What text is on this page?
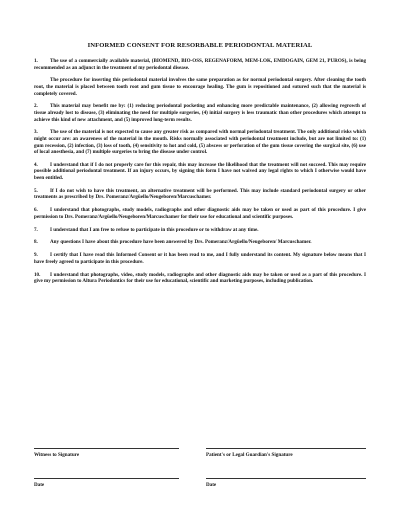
INFORMED CONSENT FOR RESORBABLE PERIODONTAL MATERIAL
1. The use of a commercially available material, (BIOMEND, BIO-OSS, REGENAFORM, MEM-LOK, EMDOGAIN, GEM 21, PUROS), is being recommended as an adjunct in the treatment of my periodontal disease.
The procedure for inserting this periodontal material involves the same preparation as for normal periodontal surgery. After cleaning the tooth root, the material is placed between tooth root and gum tissue to encourage healing. The gum is repositioned and sutured such that the material is completely covered.
2. This material may benefit me by: (1) reducing periodontal pocketing and enhancing more predictable maintenance, (2) allowing regrowth of tissue already lost to disease, (3) eliminating the need for multiple surgeries, (4) initial surgery is less traumatic than other procedures which attempt to achieve this kind of new attachment, and (5) improved long-term results.
3. The use of the material is not expected to cause any greater risk as compared with normal periodontal treatment. The only additional risks which might occur are: an awareness of the material in the mouth. Risks normally associated with periodontal treatment include, but are not limited to: (1) gum recession, (2) infection, (3) loss of tooth, (4) sensitivity to hot and cold, (5) abscess or perforation of the gum tissue covering the surgical site, (6) use of local anesthesia, and (7) multiple surgeries to bring the disease under control.
4. I understand that if I do not properly care for this repair, this may increase the likelihood that the treatment will not succeed. This may require possible additional periodontal treatment. If an injury occurs, by signing this form I have not waived any legal rights to which I otherwise would have been entitled.
5. If I do not wish to have this treatment, an alternative treatment will be performed. This may include standard periodontal surgery or other treatments as prescribed by Drs. Pomeranz/Argüello/Neugeboren/Marcuschamer.
6. I understand that photographs, study models, radiographs and other diagnostic aids may be taken or used as part of this procedure. I give permission to Drs. Pomeranz/Argüello/Neugeboren/Marcuschamer for their use for educational and scientific purposes.
7. I understand that I am free to refuse to participate in this procedure or to withdraw at any time.
8. Any questions I have about this procedure have been answered by Drs. Pomeranz/Argüello/Neugeboren/ Marcuschamer.
9. I certify that I have read this Informed Consent or it has been read to me, and I fully understand its content. My signature below means that I have freely agreed to participate in this procedure.
10. I understand that photographs, video, study models, radiographs and other diagnostic aids may be taken or used as a part of this procedure. I give my permission to Altura Periodontics for their use for educational, scientific and marketing purposes, including publication.
Witness to Signature	Patient's or Legal Guardian's Signature
Date	Date
